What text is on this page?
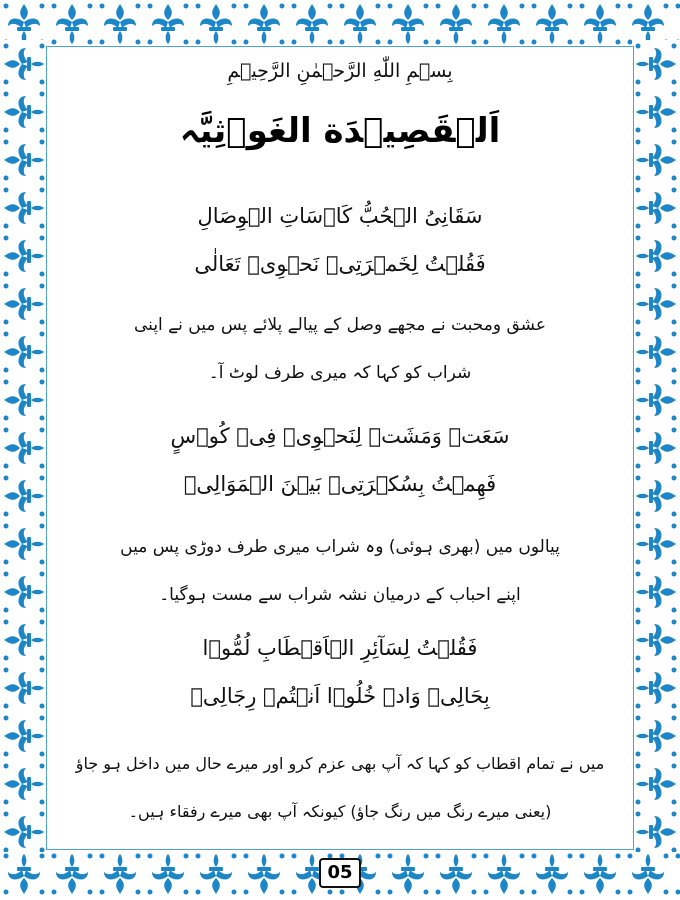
بِسۡمِ اللّٰهِ الرَّحۡمٰنِ الرَّحِيۡمِ
اَلۡقَصِيۡدَة الغَوۡثِيَّہ
سَقَانِیُ الۡحُبُّ کَاۡسَاتِ الۡوِصَالِ
فَقُلۡتُ لِخَمۡرَتِیۡ نَحۡوِیۡ تَعَالٰی
عشق ومحبت نے مجھے وصل کے پیالے پلائے پس میں نے اپنی
شراب کو کہا کہ میری طرف لوٹ آ۔
سَعَتۡ وَمَشَتۡ لِنَحۡوِیۡ فِیۡ کُوۡسٍ
فَهِمۡتُ بِسُکۡرَتِیۡ بَیۡنَ الۡمَوَالِیۡ
پیالوں میں (بھری ہوئی) وہ شراب میری طرف دوڑی پس میں
اپنے احباب کے درمیان نشہ شراب سے مست ہوگیا۔
فَقُلۡتُ لِسَآئِرِ الۡاَقۡطَابِ لُمُّوۡا
بِحَالِیۡ وَادۡ خُلُوۡا اَنۡتُمۡ رِجَالِیۡ
میں نے تمام اقطاب کو کہا کہ آپ بھی عزم کرو اور میرے حال میں داخل ہو جاؤ
(یعنی میرے رنگ میں رنگ جاؤ) کیونکہ آپ بھی میرے رفقاء ہیں۔
05
